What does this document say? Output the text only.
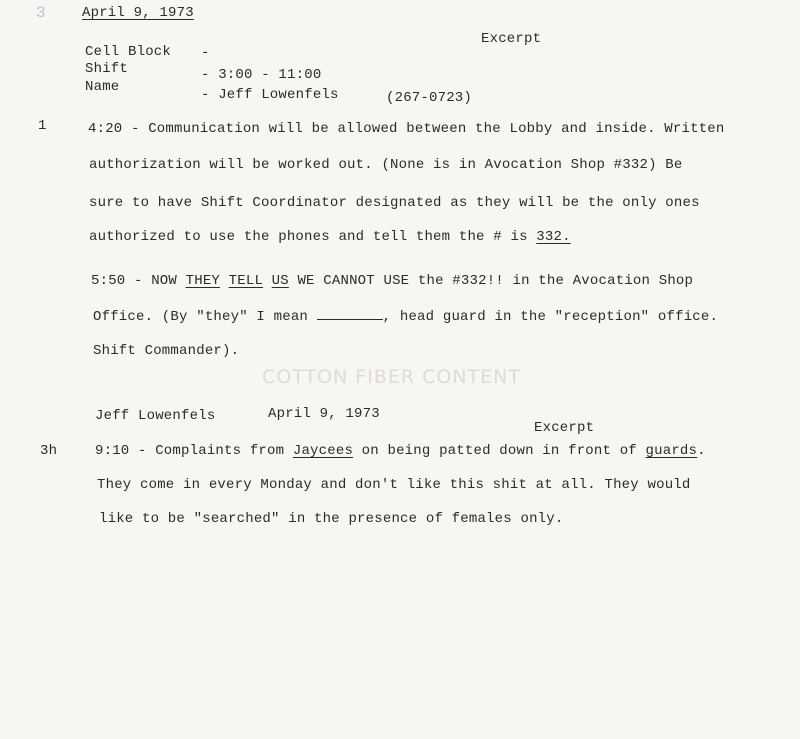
3	April 9, 1973
Excerpt
Cell Block -
Shift	- 3:00 - 11:00
Name	- Jeff Lowenfels	(267-0723)
1	4:20 - Communication will be allowed between the Lobby and inside. Written
authorization will be worked out. (None is in Avocation Shop #332) Be
sure to have Shift Coordinator designated as they will be the only ones
authorized to use the phones and tell them the # is 332.
5:50 - NOW THEY TELL US WE CANNOT USE the #332!! in the Avocation Shop
Office. (By "they" I mean	, head guard in the "reception" office.
Shift Commander).
COTTON FIBER CONTENT
Jeff Lowenfels	April 9, 1973
Excerpt
3h	9:10 - Complaints from Jaycees on being patted down in front of guards.
They come in every Monday and don't like this shit at all. They would
like to be "searched" in the presence of females only.
